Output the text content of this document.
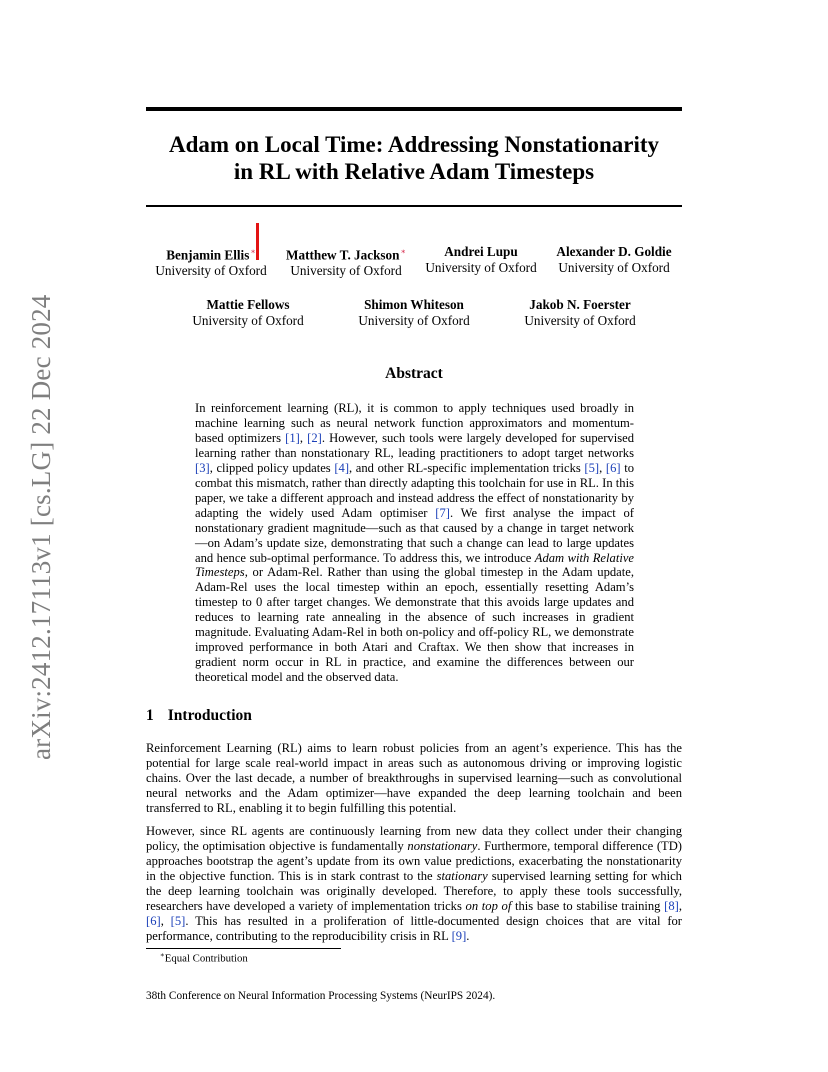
arXiv:2412.17113v1 [cs.LG] 22 Dec 2024
Adam on Local Time: Addressing Nonstationarity
in RL with Relative Adam Timesteps
Benjamin Ellis∗
University of Oxford
Matthew T. Jackson∗
University of Oxford
Andrei Lupu
University of Oxford
Alexander D. Goldie
University of Oxford
Mattie Fellows
University of Oxford
Shimon Whiteson
University of Oxford
Jakob N. Foerster
University of Oxford
Abstract

In reinforcement learning (RL), it is common to apply techniques used broadly in machine learning such as neural network function approximators and momentum-based optimizers [ 1 ] , [ 2 ] . However, such tools were largely developed for supervised learning rather than nonstationary RL, leading practitioners to adopt target networks [ 3 ] , clipped policy updates [ 4 ] , and other RL-specific implementation tricks [ 5 ] , [ 6 ] to combat this mismatch, rather than directly adapting this toolchain for use in RL. In this paper, we take a different approach and instead address the effect of nonstationarity by adapting the widely used Adam optimiser [ 7 ] . We first analyse the impact of nonstationary gradient magnitude—such as that caused by a change in target network—on Adam’s update size, demonstrating that such a change can lead to large updates and hence sub-optimal performance. To address this, we introduce Adam with Relative Timesteps, or Adam-Rel. Rather than using the global timestep in the Adam update, Adam-Rel uses the local timestep within an epoch, essentially resetting Adam’s timestep to 0 after target changes. We demonstrate that this avoids large updates and reduces to learning rate annealing in the absence of such increases in gradient magnitude. Evaluating Adam-Rel in both on-policy and off-policy RL, we demonstrate improved performance in both Atari and Craftax. We then show that increases in gradient norm occur in RL in practice, and examine the differences between our theoretical model and the observed data.

1 Introduction

Reinforcement Learning (RL) aims to learn robust policies from an agent’s experience. This has the potential for large scale real-world impact in areas such as autonomous driving or improving logistic chains. Over the last decade, a number of breakthroughs in supervised learning—such as convolutional neural networks and the Adam optimizer—have expanded the deep learning toolchain and been transferred to RL, enabling it to begin fulfilling this potential.

However, since RL agents are continuously learning from new data they collect under their changing policy, the optimisation objective is fundamentally nonstationary. Furthermore, temporal difference (TD) approaches bootstrap the agent’s update from its own value predictions, exacerbating the nonstationarity in the objective function. This is in stark contrast to the stationary supervised learning setting for which the deep learning toolchain was originally developed. Therefore, to apply these tools successfully, researchers have developed a variety of implementation tricks on top of this base to stabilise training [ 8 ] , [ 6 ] , [ 5 ] . This has resulted in a proliferation of little-documented design choices that are vital for performance, contributing to the reproducibility crisis in RL [ 9 ] .

∗Equal Contribution
38th Conference on Neural Information Processing Systems (NeurIPS 2024).
